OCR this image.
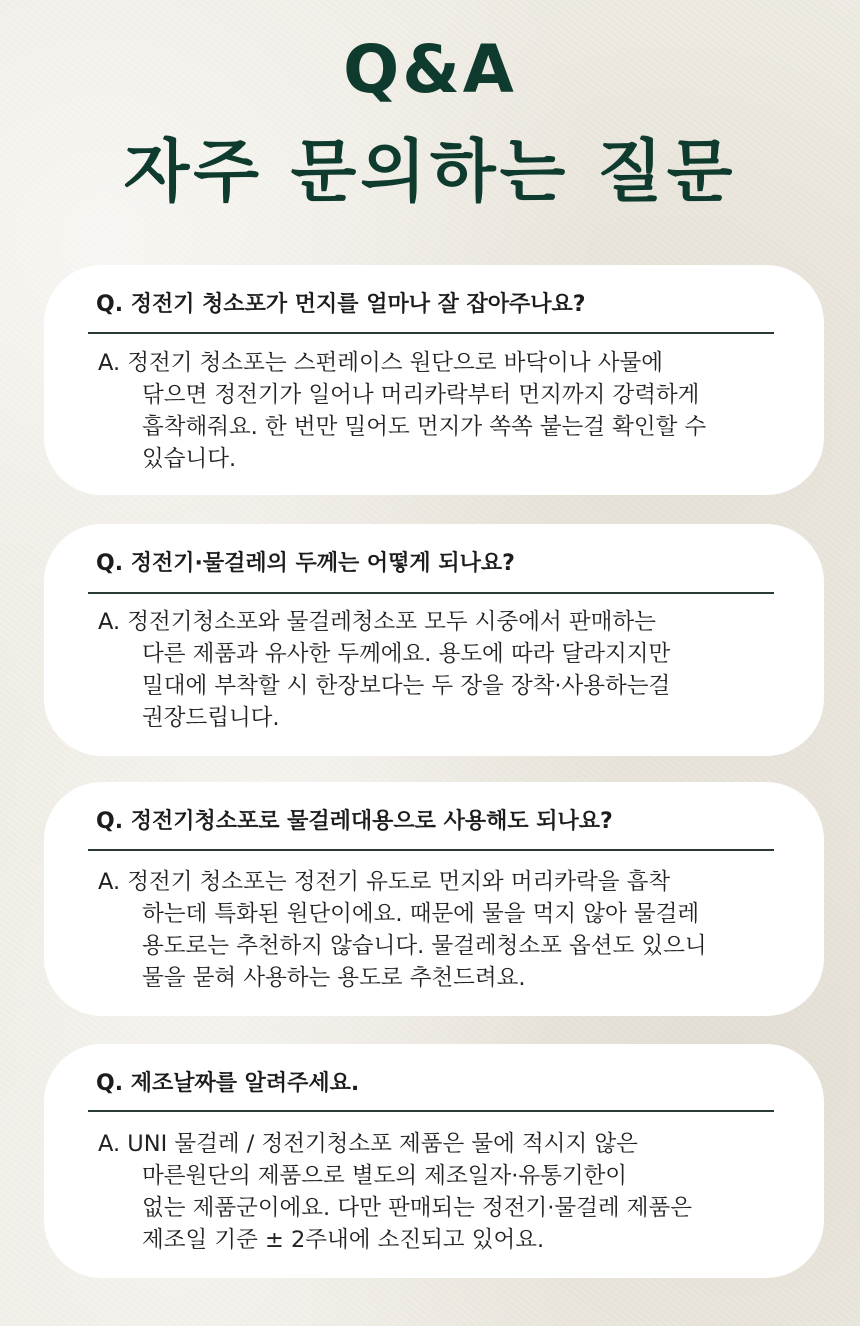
Q&A
자주 문의하는 질문
Q. 정전기 청소포가 먼지를 얼마나 잘 잡아주나요?
A. 정전기 청소포는 스펀레이스 원단으로 바닥이나 사물에
닦으면 정전기가 일어나 머리카락부터 먼지까지 강력하게
흡착해줘요. 한 번만 밀어도 먼지가 쏙쏙 붙는걸 확인할 수
있습니다.
Q. 정전기·물걸레의 두께는 어떻게 되나요?
A. 정전기청소포와 물걸레청소포 모두 시중에서 판매하는
다른 제품과 유사한 두께에요. 용도에 따라 달라지지만
밀대에 부착할 시 한장보다는 두 장을 장착·사용하는걸
권장드립니다.
Q. 정전기청소포로 물걸레대용으로 사용해도 되나요?
A. 정전기 청소포는 정전기 유도로 먼지와 머리카락을 흡착
하는데 특화된 원단이에요. 때문에 물을 먹지 않아 물걸레
용도로는 추천하지 않습니다. 물걸레청소포 옵션도 있으니
물을 묻혀 사용하는 용도로 추천드려요.
Q. 제조날짜를 알려주세요.
A. UNI 물걸레 / 정전기청소포 제품은 물에 적시지 않은
마른원단의 제품으로 별도의 제조일자·유통기한이
없는 제품군이에요. 다만 판매되는 정전기·물걸레 제품은
제조일 기준 ± 2주내에 소진되고 있어요.
